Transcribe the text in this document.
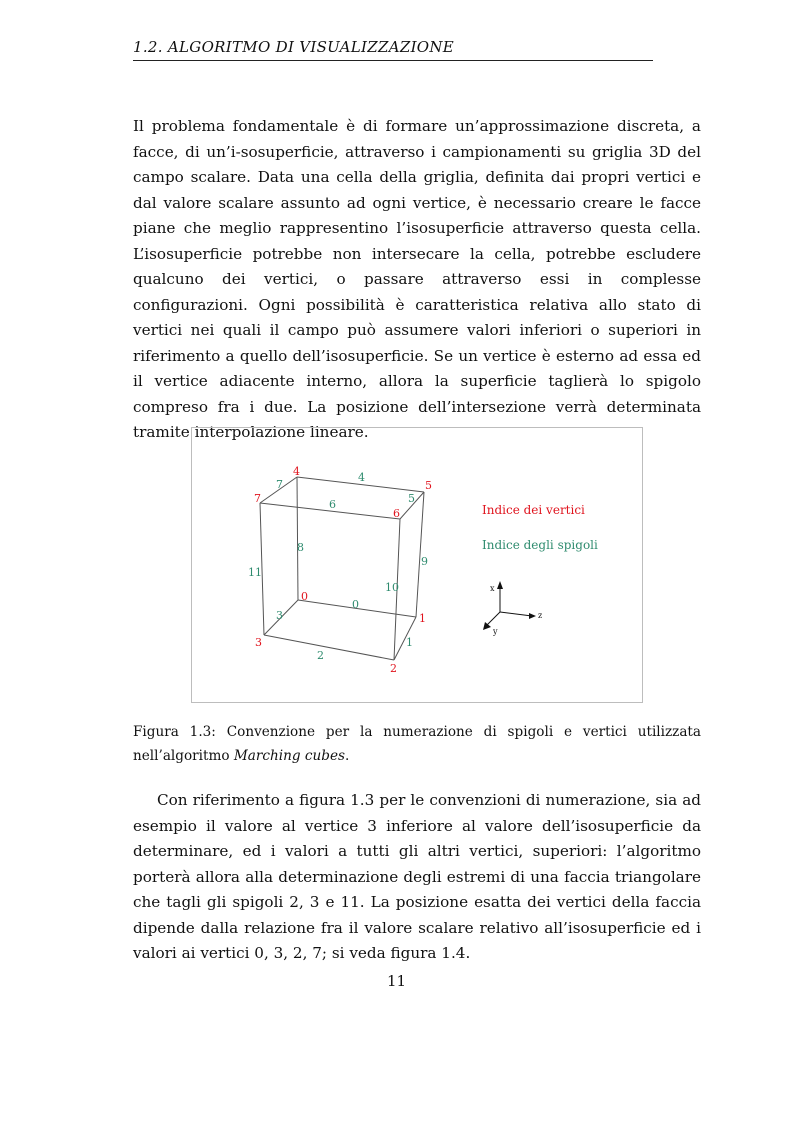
1.2. ALGORITMO DI VISUALIZZAZIONE

Il problema fondamentale è di formare un’approssimazione discreta, a facce, di un’i-sosuperficie, attraverso i campionamenti su griglia 3D del campo scalare. Data una cella della griglia, definita dai propri vertici e dal valore scalare assunto ad ogni vertice, è necessario creare le facce piane che meglio rappresentino l’isosuperficie attraverso questa cella. L’isosuperficie potrebbe non intersecare la cella, potrebbe escludere qualcuno dei vertici, o passare attraverso essi in complesse configurazioni. Ogni possibilità è caratteristica relativa allo stato di vertici nei quali il campo può assumere valori inferiori o superiori in riferimento a quello dell’isosuperficie. Se un vertice è esterno ad essa ed il vertice adiacente interno, allora la superficie taglierà lo spigolo compreso fra i due. La posizione dell’intersezione verrà determinata tramite interpolazione lineare.

0
1
2
3
4
5
6
7
0
1
2
3
4
5
6
7
8
9
10
11
Indice dei vertici
Indice degli spigoli
x
z
y

Figura 1.3: Convenzione per la numerazione di spigoli e vertici utilizzata nell’algoritmo Marching cubes.

Con riferimento a figura 1.3 per le convenzioni di numerazione, sia ad esempio il valore al vertice 3 inferiore al valore dell’isosuperficie da determinare, ed i valori a tutti gli altri vertici, superiori: l’algoritmo porterà allora alla determinazione degli estremi di una faccia triangolare che tagli gli spigoli 2, 3 e 11. La posizione esatta dei vertici della faccia dipende dalla relazione fra il valore scalare relativo all’isosuperficie ed i valori ai vertici 0, 3, 2, 7; si veda figura 1.4.

11
